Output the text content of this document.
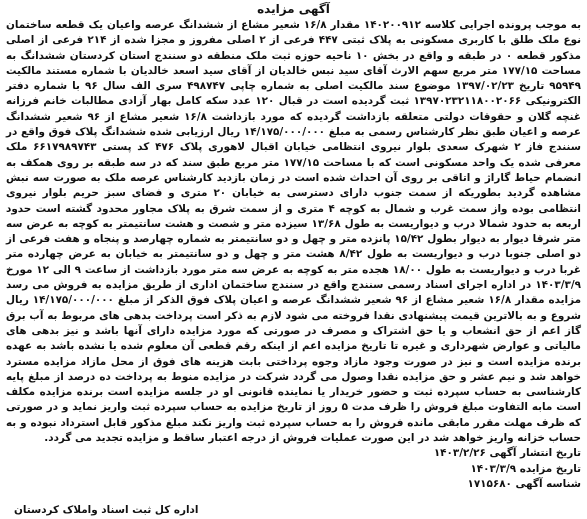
آگهی مزایده

به موجب پرونده اجرایی کلاسه ۱۴۰۲۰۰۹۱۲ مقدار ۱۶/۸ شعیر مشاع از ششدانگ عرصه واعیان یک قطعه ساختمان نوع ملک طلق با کاربری مسکونی به پلاک ثبتی ۴۴۷ فرعی از ۲ اصلی مفروز و مجزا شده از ۲۱۴ فرعی از اصلی مذکور قطعه ۰ در طبقه و واقع در بخش ۱۰ ناحیه حوزه ثبت ملک منطقه دو سنندج استان کردستان ششدانگ به مساحت ۱۷۷/۱۵ متر مربع سهم الارث آقای سید نبس خالدیان از آقای سید اسعد خالدیان با شماره مستند مالکیت ۹۵۹۴۹ تاریخ ۱۳۹۷/۰۲/۲۳ موضوع سند مالکیت اصلی به شماره چاپی ۴۹۸۷۴۷ سری الف سال ۹۶ با شماره دفتر الکترونیکی ۱۳۹۷۰۲۳۲۱۱۸۰۰۲۰۶۶ ثبت گردیده است در قبال ۱۲۰ عدد سکه کامل بهار آزادی مطالبات خانم فرزانه غنچه گلان و حقوقات دولتی متعلقه بازداشت گردیده که مورد بازداشت ۱۶/۸ شعیر مشاع از ۹۶ شعیر ششدانگ عرصه و اعیان طبق نظر کارشناس رسمی به مبلغ ۱۴/۱۷۵/۰۰۰/۰۰۰ ریال ارزیابی شده ششدانگ پلاک فوق واقع در سنندج فاز ۲ شهرک سعدی بلوار نیروی انتظامی خیابان اقبال لاهوری پلاک ۴۷۶ کد پستی ۶۶۱۷۹۸۹۷۴۳ ملک معرفی شده یک واحد مسکونی است که با مساحت ۱۷۷/۱۵ متر مربع طبق سند که در سه طبقه بر روی همکف به انضمام حیاط گاراژ و اتاقی بر روی آن احداث شده است در زمان بازدید کارشناس عرصه ملک به صورت سه نبش مشاهده گردید بطوریکه از سمت جنوب دارای دسترسی به خیابان ۲۰ متری و فضای سبز حریم بلوار نیروی انتظامی بوده واز سمت غرب و شمال به کوچه ۴ متری و از سمت شرق به پلاک مجاور محدود گشته است حدود اربعه به حدود شمالا درب و دیواریست به طول ۱۳/۶۸ سیزده متر و شصت و هشت سانتیمتر به کوچه به عرض سه متر شرقا دیوار به دیوار بطول ۱۵/۴۲ پانزده متر و چهل و دو سانتیمتر به شماره چهارصد و پنجاه و هفت فرعی از دو اصلی جنوبا درب و دیواریست به طول ۸/۴۲ هشت متر و چهل و دو سانتیمتر به خیابان به عرض چهارده متر غربا درب و دیواریست به طول ۱۸/۰۰ هجده متر به کوچه به عرض سه متر مورد بازداشت از ساعت ۹ الی ۱۲ مورخ ۱۴۰۳/۳/۹ در اداره اجرای اسناد رسمی سنندج واقع در سنندج ساختمان اداری از طریق مزایده به فروش می رسد مزایده مقدار ۱۶/۸ شعیر مشاع از ۹۶ شعیر ششدانگ عرصه و اعیان پلاک فوق الذکر از مبلغ ۱۴/۱۷۵/۰۰۰/۰۰۰ ریال شروع و به بالاترین قیمت پیشنهادی نقدا فروخته می شود لازم به ذکر است پرداخت بدهی های مربوط به آب برق گاز اعم از حق انشعاب و یا حق اشتراک و مصرف در صورتی که مورد مزایده دارای آنها باشد و نیز بدهی های مالیاتی و عوارض شهرداری و غیره تا تاریخ مزایده اعم از اینکه رقم قطعی آن معلوم شده یا نشده باشد به عهده برنده مزایده است و نیز در صورت وجود مازاد وجوه پرداختی بابت هزینه های فوق از محل مازاد مزایده مسترد خواهد شد و نیم عشر و حق مزایده نقدا وصول می گردد شرکت در مزایده منوط به پرداخت ده درصد از مبلغ پایه کارشناسی به حساب سپرده ثبت و حضور خریدار یا نماینده قانونی او در جلسه مزایده است برنده مزایده مکلف است مابه التفاوت مبلغ فروش را ظرف مدت ۵ روز از تاریخ مزایده به حساب سپرده ثبت واریز نماید و در صورتی که ظرف مهلت مقرر مابقی مانده فروش را به حساب سپرده ثبت واریز نکند مبلغ مذکور قابل استرداد نبوده و به حساب خزانه واریز خواهد شد در این صورت عملیات فروش از درجه اعتبار ساقط و مزایده تجدید می گردد.

تاریخ انتشار آگهی ۱۴۰۳/۲/۲۶
تاریخ مزایده ۱۴۰۳/۳/۹
شناسه آگهی ۱۷۱۵۶۸۰
اداره کل ثبت اسناد واملاک کردستان
